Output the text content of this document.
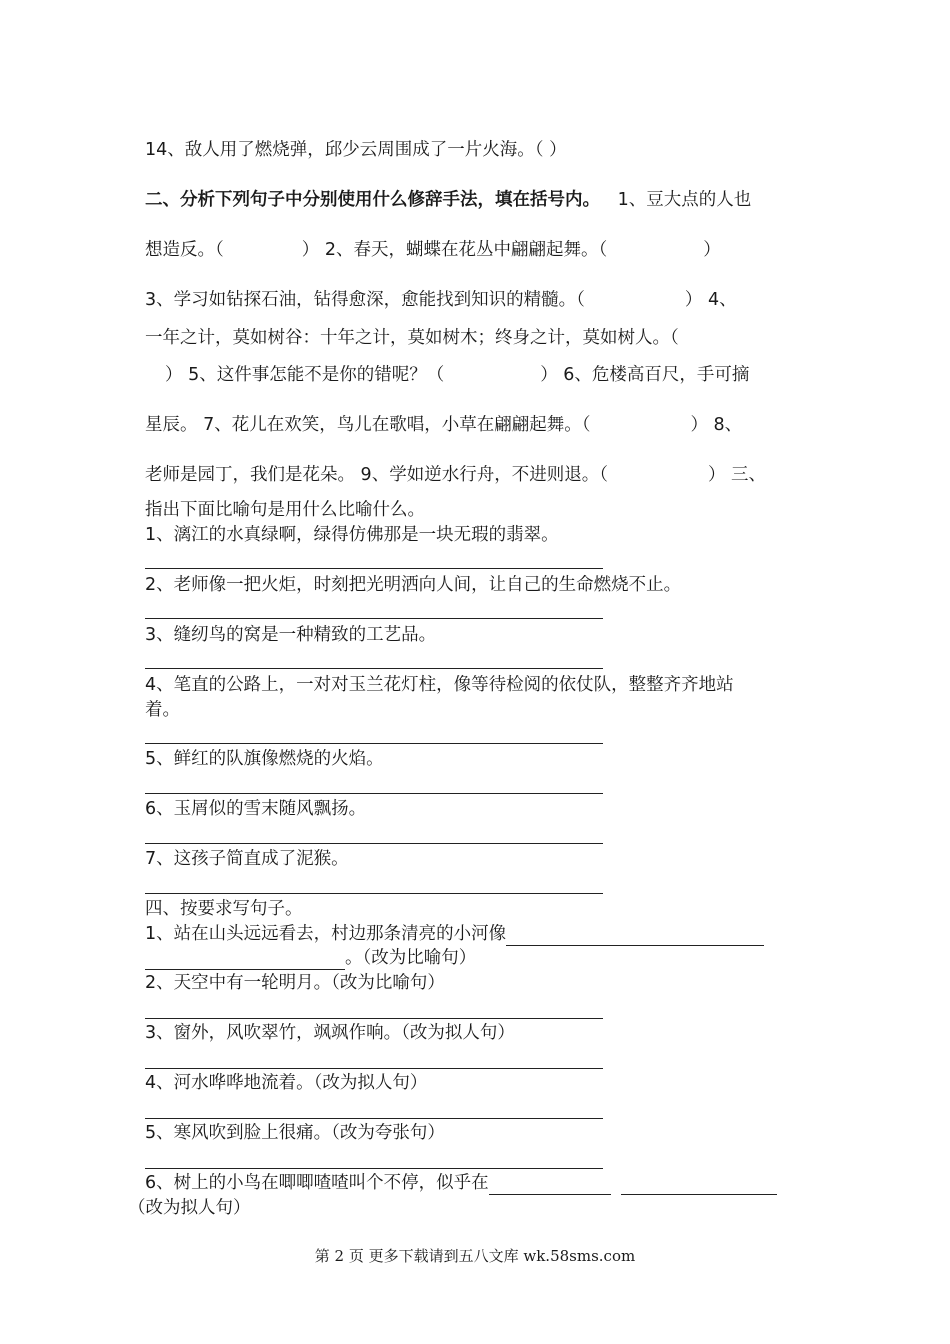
14、敌人用了燃烧弹，邱少云周围成了一片火海。（ ）
二、分析下列句子中分别使用什么修辞手法，填在括号内。 1、豆大点的人也
想造反。（	） 2、春天，蝴蝶在花丛中翩翩起舞。（	）
3、学习如钻探石油，钻得愈深，愈能找到知识的精髓。（	） 4、
一年之计，莫如树谷：十年之计，莫如树木；终身之计，莫如树人。（
） 5、这件事怎能不是你的错呢？（	） 6、危楼高百尺，手可摘
星辰。 7、花儿在欢笑，鸟儿在歌唱，小草在翩翩起舞。（	） 8、
老师是园丁，我们是花朵。 9、学如逆水行舟，不进则退。（	） 三、
指出下面比喻句是用什么比喻什么。
1、漓江的水真绿啊，绿得仿佛那是一块无瑕的翡翠。
2、老师像一把火炬，时刻把光明洒向人间，让自己的生命燃烧不止。
3、缝纫鸟的窝是一种精致的工艺品。
4、笔直的公路上，一对对玉兰花灯柱，像等待检阅的依仗队，整整齐齐地站
着。
5、鲜红的队旗像燃烧的火焰。
6、玉屑似的雪末随风飘扬。
7、这孩子简直成了泥猴。
四、按要求写句子。
1、站在山头远远看去，村边那条清亮的小河像
。（改为比喻句）
2、天空中有一轮明月。（改为比喻句）
3、窗外，风吹翠竹，飒飒作响。（改为拟人句）
4、河水哗哗地流着。（改为拟人句）
5、寒风吹到脸上很痛。（改为夸张句）
6、树上的小鸟在唧唧喳喳叫个不停，似乎在
（改为拟人句）
第 2 页 更多下载请到五八文库 wk.58sms.com
